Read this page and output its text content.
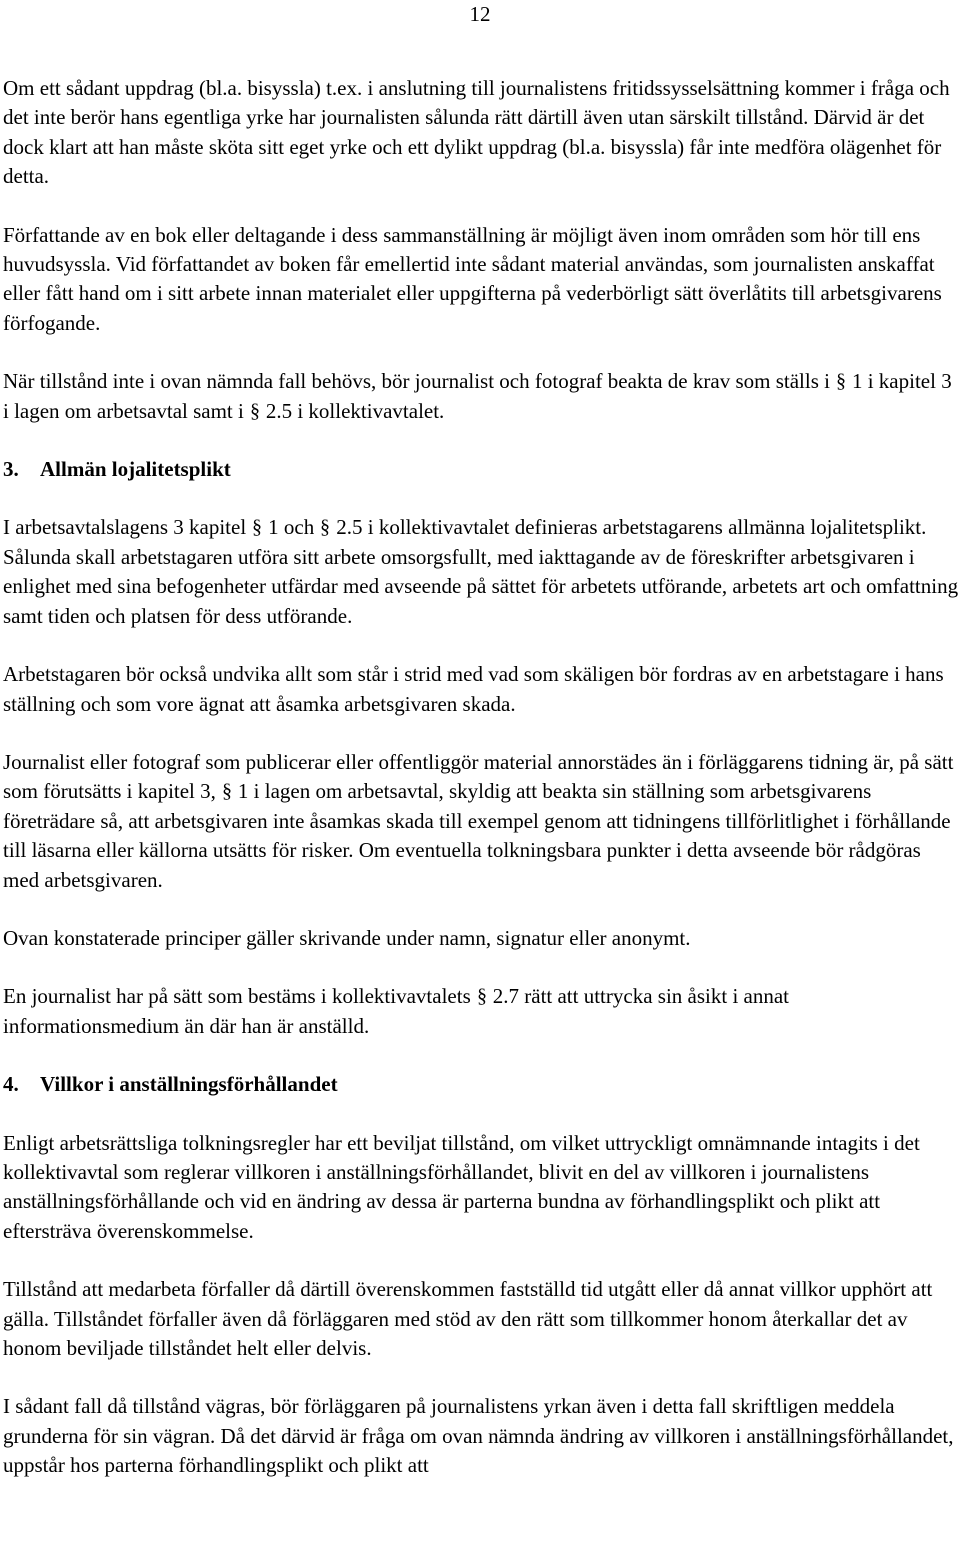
12

Om ett sådant uppdrag (bl.a. bisyssla) t.ex. i anslutning till journalistens fritidssysselsättning kommer i fråga och det inte berör hans egentliga yrke har journalisten sålunda rätt därtill även utan särskilt tillstånd. Därvid är det dock klart att han måste sköta sitt eget yrke och ett dylikt uppdrag (bl.a. bisyssla) får inte medföra olägenhet för detta.

Författande av en bok eller deltagande i dess sammanställning är möjligt även inom områden som hör till ens huvudsyssla. Vid författandet av boken får emellertid inte sådant material användas, som journalisten anskaffat eller fått hand om i sitt arbete innan materialet eller uppgifterna på vederbörligt sätt överlåtits till arbetsgivarens förfogande.

När tillstånd inte i ovan nämnda fall behövs, bör journalist och fotograf beakta de krav som ställs i 1 i kapitel 3 i lagen om arbetsavtal samt i 2.5 i kollektivavtalet.

3. Allmän lojalitetsplikt

I arbetsavtalslagens 3 kapitel 1 och 2.5 i kollektivavtalet definieras arbetstagarens allmänna lojalitetsplikt. Sålunda skall arbetstagaren utföra sitt arbete omsorgsfullt, med iakttagande av de föreskrifter arbetsgivaren i enlighet med sina befogenheter utfärdar med avseende på sättet för arbetets utförande, arbetets art och omfattning samt tiden och platsen för dess utförande.

Arbetstagaren bör också undvika allt som står i strid med vad som skäligen bör fordras av en arbetstagare i hans ställning och som vore ägnat att åsamka arbetsgivaren skada.

Journalist eller fotograf som publicerar eller offentliggör material annorstädes än i förläggarens tidning är, på sätt som förutsätts i kapitel 3, 1 i lagen om arbetsavtal, skyldig att beakta sin ställning som arbetsgivarens företrädare så, att arbetsgivaren inte åsamkas skada till exempel genom att tidningens tillförlitlighet i förhållande till läsarna eller källorna utsätts för risker. Om eventuella tolkningsbara punkter i detta avseende bör rådgöras med arbetsgivaren.

Ovan konstaterade principer gäller skrivande under namn, signatur eller anonymt.

En journalist har på sätt som bestäms i kollektivavtalets 2.7 rätt att uttrycka sin åsikt i annat informationsmedium än där han är anställd.

4. Villkor i anställningsförhållandet

Enligt arbetsrättsliga tolkningsregler har ett beviljat tillstånd, om vilket uttryckligt omnämnande intagits i det kollektivavtal som reglerar villkoren i anställningsförhållandet, blivit en del av villkoren i journalistens anställningsförhållande och vid en ändring av dessa är parterna bundna av förhandlingsplikt och plikt att eftersträva överenskommelse.

Tillstånd att medarbeta förfaller då därtill överenskommen fastställd tid utgått eller då annat villkor upphört att gälla. Tillståndet förfaller även då förläggaren med stöd av den rätt som tillkommer honom återkallar det av honom beviljade tillståndet helt eller delvis.

I sådant fall då tillstånd vägras, bör förläggaren på journalistens yrkan även i detta fall skriftligen meddela grunderna för sin vägran. Då det därvid är fråga om ovan nämnda ändring av villkoren i anställningsförhållandet, uppstår hos parterna förhandlingsplikt och plikt att
